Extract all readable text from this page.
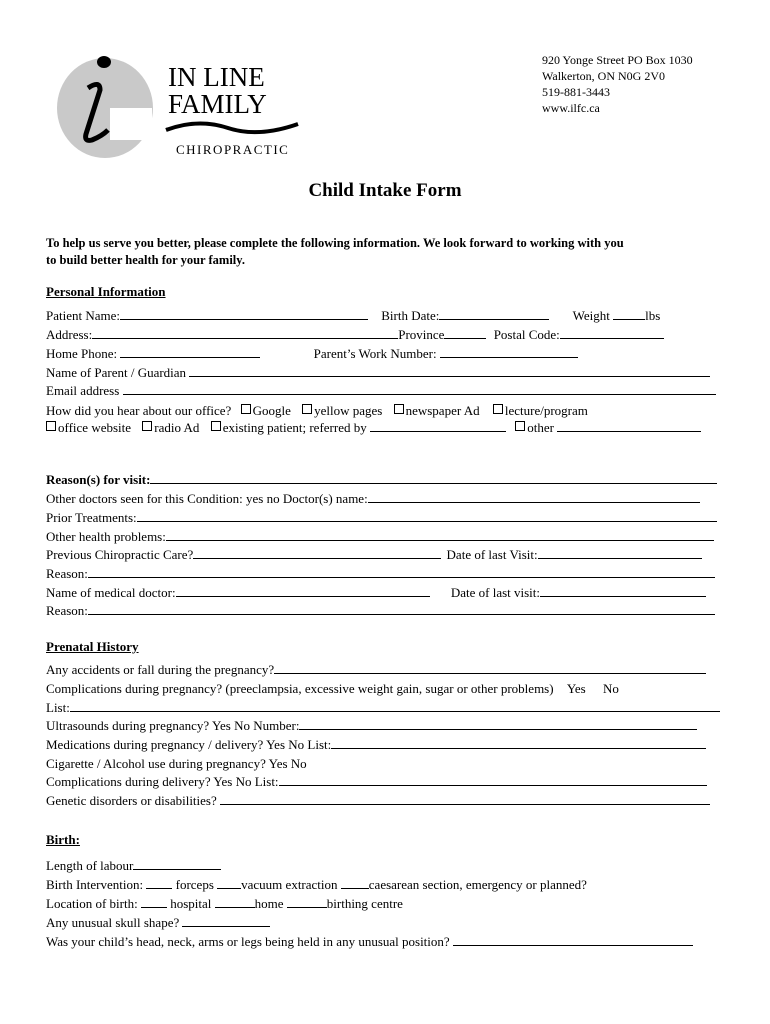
IN LINE
FAMILY
CHIROPRACTIC
920 Yonge Street PO Box 1030
Walkerton, ON N0G 2V0
519-881-3443
www.ilfc.ca
Child Intake Form
To help us serve you better, please complete the following information. We look forward to working with you
to build better health for your family.
Personal Information
Patient Name:	Birth Date:	Weight	lbs
Address:	Province	Postal Code:
Home Phone:	Parent’s Work Number:
Name of Parent / Guardian
Email address
How did you hear about our office? Google yellow pages newspaper Ad lecture/program
office website radio Ad existing patient; referred by	other
Reason(s) for visit:
Other doctors seen for this Condition: yes no Doctor(s) name:
Prior Treatments:
Other health problems:
Previous Chiropractic Care?	Date of last Visit:
Reason:
Name of medical doctor:	Date of last visit:
Reason:
Prenatal History
Any accidents or fall during the pregnancy?
Complications during pregnancy? (preeclampsia, excessive weight gain, sugar or other problems) Yes No
List:
Ultrasounds during pregnancy? Yes No Number:
Medications during pregnancy / delivery? Yes No List:
Cigarette / Alcohol use during pregnancy? Yes No
Complications during delivery? Yes No List:
Genetic disorders or disabilities?
Birth:
Length of labour
Birth Intervention:	forceps vacuum extraction caesarean section, emergency or planned?
Location of birth:	hospital	home	birthing centre
Any unusual skull shape?
Was your child’s head, neck, arms or legs being held in any unusual position?
